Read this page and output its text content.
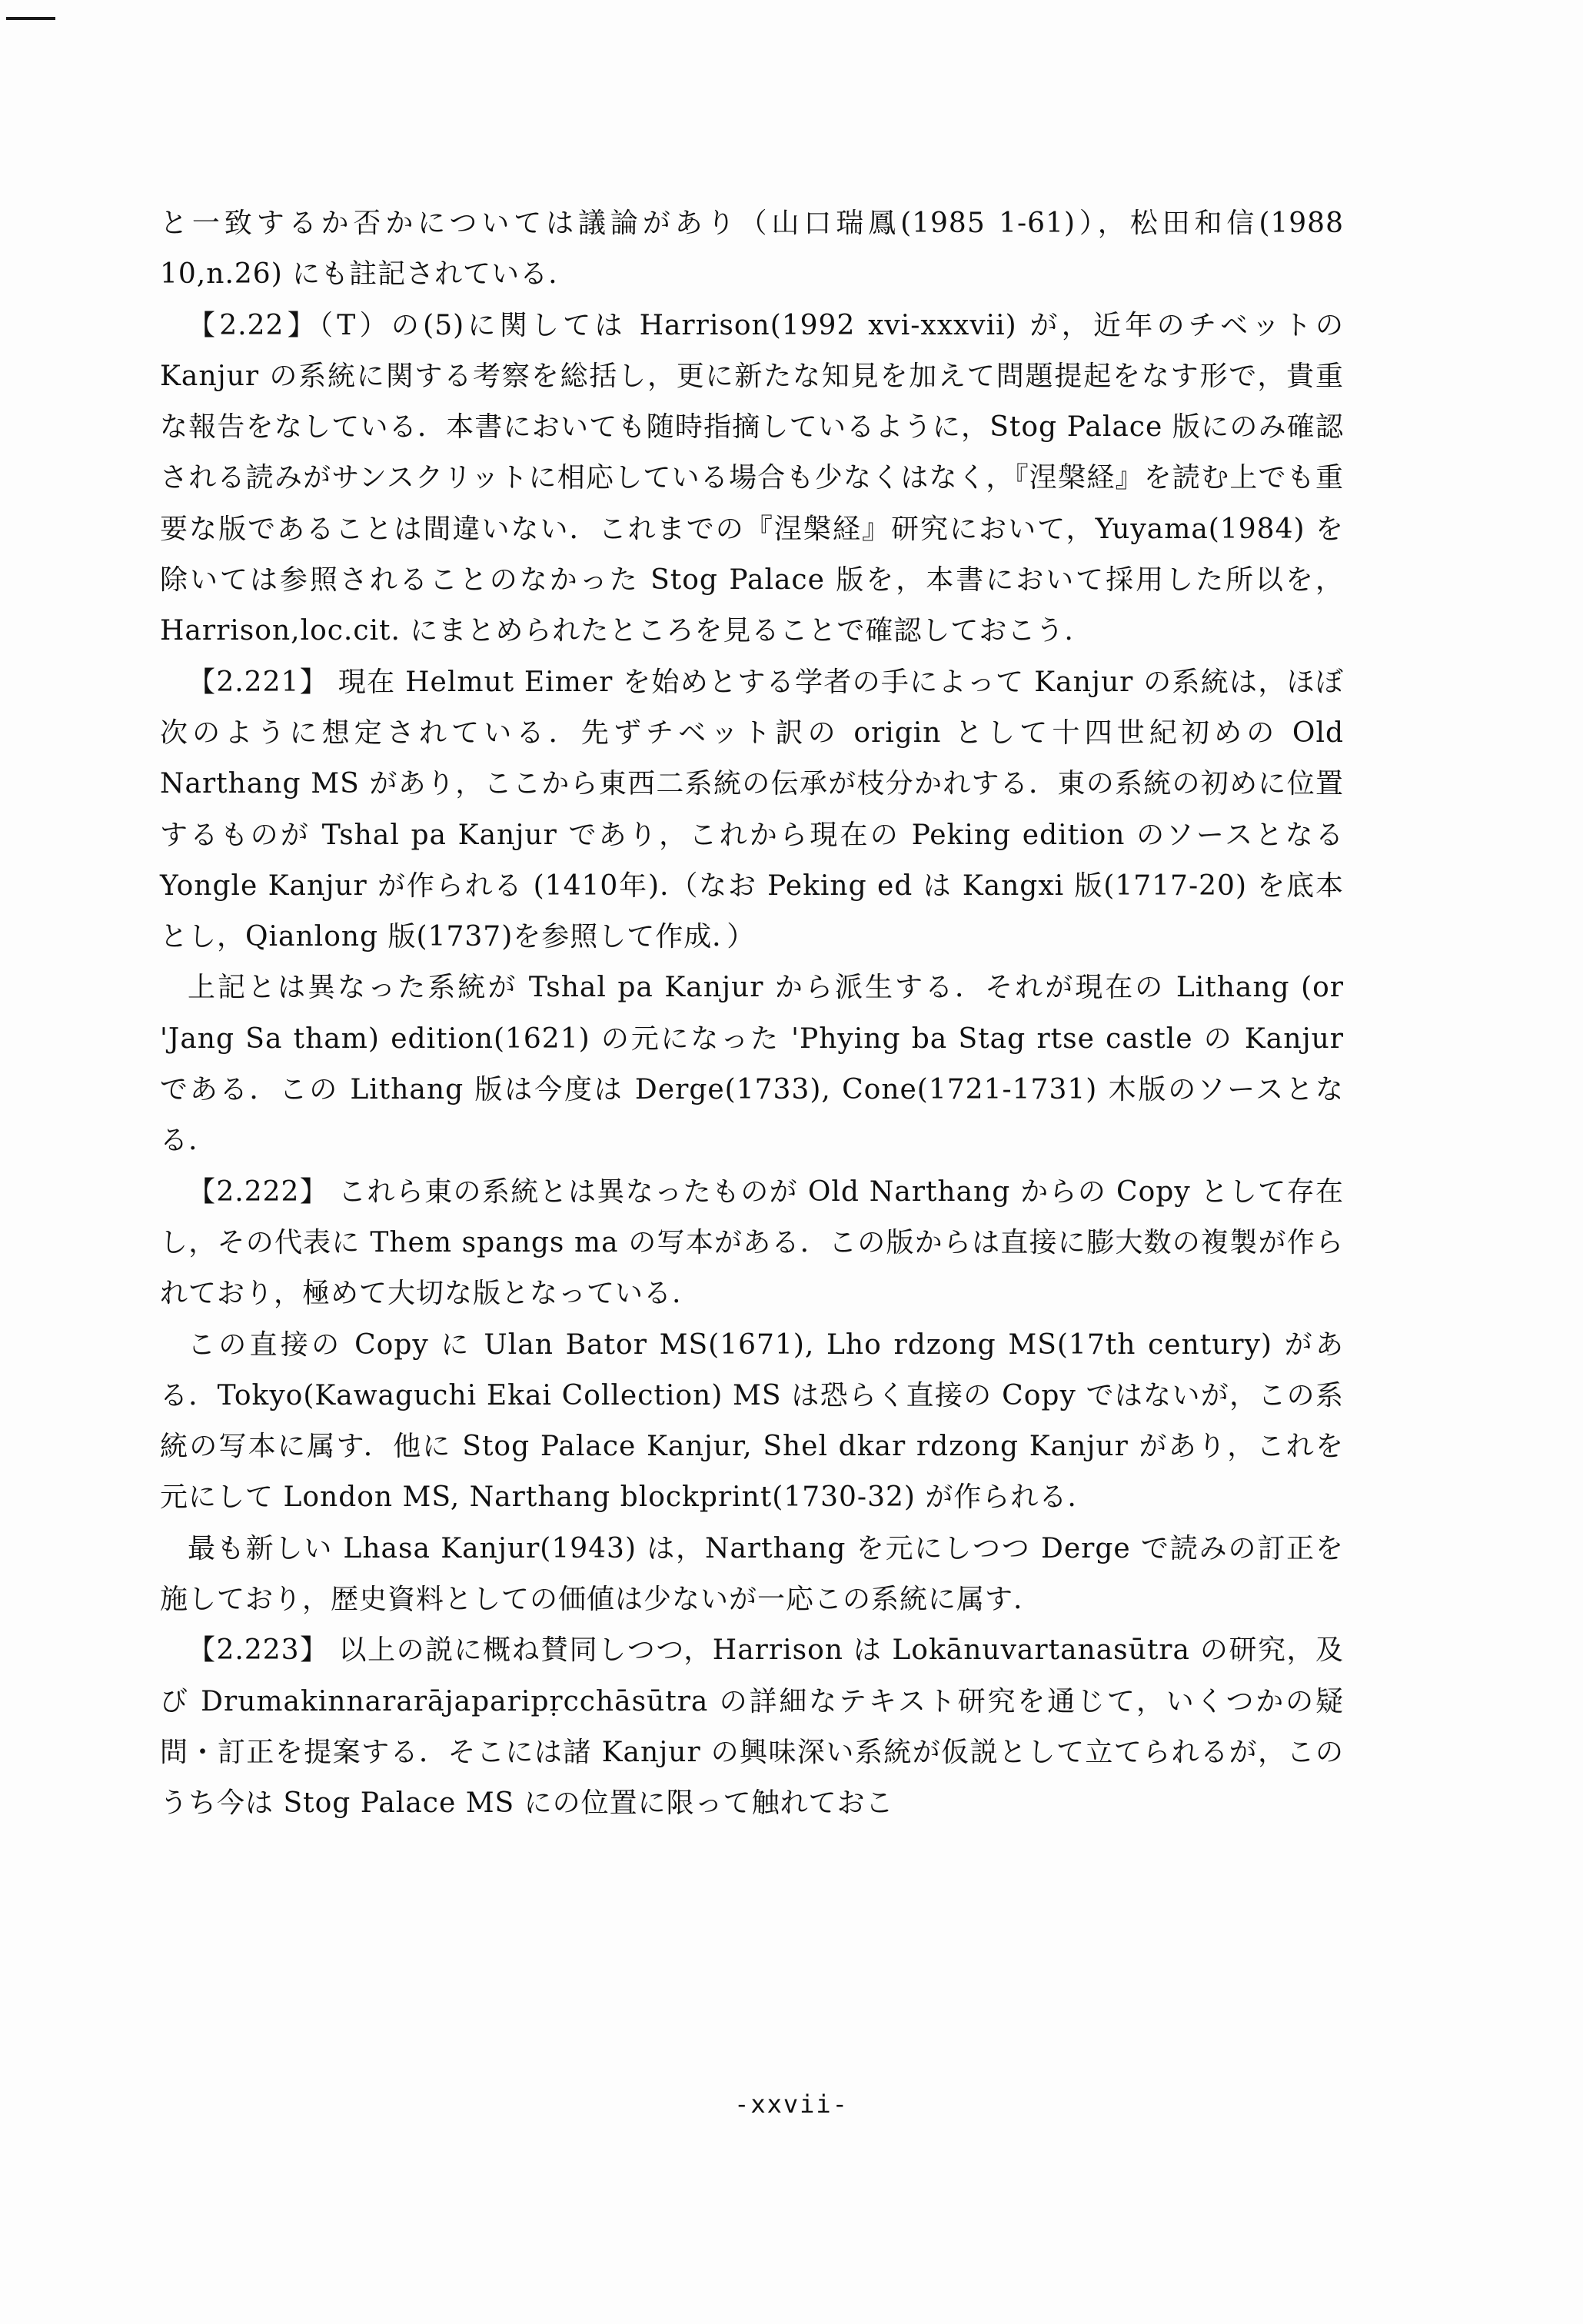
と一致するか否かについては議論があり（山口瑞鳳(1985 1-61)），松田和信(1988 10,n.26) にも註記されている.

【2.22】（T）の(5)に関しては Harrison(1992 xvi-xxxvii) が，近年のチベットの Kanjur の系統に関する考察を総括し，更に新たな知見を加えて問題提起をなす形で，貴重な報告をなしている．本書においても随時指摘しているように，Stog Palace 版にのみ確認される読みがサンスクリットに相応している場合も少なくはなく，『涅槃経』を読む上でも重要な版であることは間違いない．これまでの『涅槃経』研究において，Yuyama(1984) を除いては参照されることのなかった Stog Palace 版を，本書において採用した所以を，Harrison,loc.cit. にまとめられたところを見ることで確認しておこう.

【2.221】 現在 Helmut Eimer を始めとする学者の手によって Kanjur の系統は，ほぼ次のように想定されている．先ずチベット訳の origin として十四世紀初めの Old Narthang MS があり，ここから東西二系統の伝承が枝分かれする．東の系統の初めに位置するものが Tshal pa Kanjur であり，これから現在の Peking edition のソースとなる Yongle Kanjur が作られる (1410年).（なお Peking ed は Kangxi 版(1717-20) を底本とし，Qianlong 版(1737)を参照して作成．）

上記とは異なった系統が Tshal pa Kanjur から派生する．それが現在の Lithang (or 'Jang Sa tham) edition(1621) の元になった 'Phying ba Stag rtse castle の Kanjur である．この Lithang 版は今度は Derge(1733), Cone(1721-1731) 木版のソースとなる.

【2.222】 これら東の系統とは異なったものが Old Narthang からの Copy として存在し，その代表に Them spangs ma の写本がある．この版からは直接に膨大数の複製が作られており，極めて大切な版となっている.

この直接の Copy に Ulan Bator MS(1671), Lho rdzong MS(17th century) がある．Tokyo(Kawaguchi Ekai Collection) MS は恐らく直接の Copy ではないが，この系統の写本に属す．他に Stog Palace Kanjur, Shel dkar rdzong Kanjur があり，これを元にして London MS, Narthang blockprint(1730-32) が作られる.

最も新しい Lhasa Kanjur(1943) は，Narthang を元にしつつ Derge で読みの訂正を施しており，歴史資料としての価値は少ないが一応この系統に属す.

【2.223】 以上の説に概ね賛同しつつ，Harrison は Lokānuvartanasūtra の研究，及び Drumakinnararājaparipṛcchāsūtra の詳細なテキスト研究を通じて，いくつかの疑問・訂正を提案する．そこには諸 Kanjur の興味深い系統が仮説として立てられるが，このうち今は Stog Palace MS にの位置に限って触れておこ

-xxvii-
